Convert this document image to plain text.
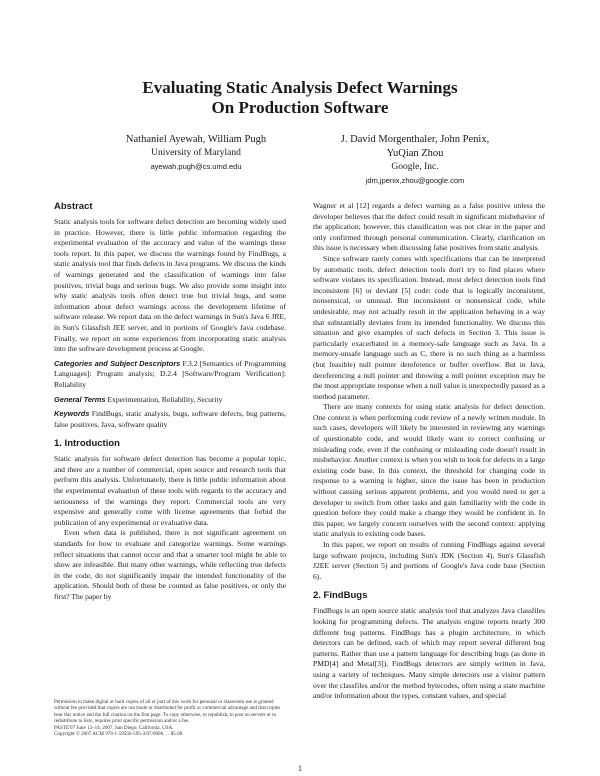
Evaluating Static Analysis Defect Warnings
On Production Software
Nathaniel Ayewah, William Pugh
University of Maryland
ayewah,pugh@cs.umd.edu
J. David Morgenthaler, John Penix,
YuQian Zhou
Google, Inc.
jdm,jpenix,zhou@google.com
Abstract

Static analysis tools for software defect detection are becoming widely used in practice. However, there is little public information regarding the experimental evaluation of the accuracy and value of the warnings these tools report. In this paper, we discuss the warnings found by FindBugs, a static analysis tool that finds defects in Java programs. We discuss the kinds of warnings generated and the classification of warnings into false positives, trivial bugs and serious bugs. We also provide some insight into why static analysis tools often detect true but trivial bugs, and some information about defect warnings across the development lifetime of software release. We report data on the defect warnings in Sun's Java 6 JRE, in Sun's Glassfish JEE server, and in portions of Google's Java codebase. Finally, we report on some experiences from incorporating static analysis into the software development process at Google.

Categories and Subject Descriptors F.3.2 [Semantics of Programming Languages]: Program analysis; D.2.4 [Software/Program Verification]: Reliability

General Terms Experimentation, Reliability, Security

Keywords FindBugs, static analysis, bugs, software defects, bug patterns, false positives, Java, software quality

1. Introduction

Static analysis for software defect detection has become a popular topic, and there are a number of commercial, open source and research tools that perform this analysis. Unfortunately, there is little public information about the experimental evaluation of these tools with regards to the accuracy and seriousness of the warnings they report. Commercial tools are very expensive and generally come with license agreements that forbid the publication of any experimental or evaluative data.

Even when data is published, there is not significant agreement on standards for how to evaluate and categorize warnings. Some warnings reflect situations that cannot occur and that a smarter tool might be able to show are infeasible. But many other warnings, while reflecting true defects in the code, do not significantly impair the intended functionality of the application. Should both of these be counted as false positives, or only the first? The paper by

Permission to make digital or hard copies of all or part of this work for personal or classroom use is granted without fee provided that copies are not made or distributed for profit or commercial advantage and that copies bear this notice and the full citation on the first page. To copy otherwise, to republish, to post on servers or to redistribute to lists, requires prior specific permission and/or a fee.
PASTE'07 June 13–14, 2007, San Diego, California, USA.
Copyright © 2007 ACM 978-1-59593-595-3/07/0006. . . $5.00.

Wagner et al [12] regards a defect warning as a false positive unless the developer believes that the defect could result in significant misbehavior of the application; however, this classification was not clear in the paper and only confirmed through personal communication. Clearly, clarification on this issue is necessary when discussing false positives from static analysis.

Since software rarely comes with specifications that can be interpreted by automatic tools, defect detection tools don't try to find places where software violates its specification. Instead, most defect detection tools find inconsistent [6] or deviant [5] code: code that is logically inconsistent, nonsensical, or unusual. But inconsistent or nonsensical code, while undesirable, may not actually result in the application behaving in a way that substantially deviates from its intended functionality. We discuss this situation and give examples of such defects in Section 3. This issue is particularly exacerbated in a memory-safe language such as Java. In a memory-unsafe language such as C, there is no such thing as a harmless (but feasible) null pointer dereference or buffer overflow. But in Java, dereferencing a null pointer and throwing a null pointer exception may be the most appropriate response when a null value is unexpectedly passed as a method parameter.

There are many contexts for using static analysis for defect detection. One context is when performing code review of a newly written module. In such cases, developers will likely be interested in reviewing any warnings of questionable code, and would likely want to correct confusing or misleading code, even if the confusing or misleading code doesn't result in misbehavior. Another context is when you wish to look for defects in a large existing code base. In this context, the threshold for changing code in response to a warning is higher, since the issue has been in production without causing serious apparent problems, and you would need to get a developer to switch from other tasks and gain familiarity with the code in question before they could make a change they would be confident in. In this paper, we largely concern ourselves with the second context: applying static analysis to existing code bases.

In this paper, we report on results of running FindBugs against several large software projects, including Sun's JDK (Section 4), Sun's Glassfish J2EE server (Section 5) and portions of Google's Java code base (Section 6).

2. FindBugs

FindBugs is an open source static analysis tool that analyzes Java classfiles looking for programming defects. The analysis engine reports nearly 300 different bug patterns. FindBugs has a plugin architecture, in which detectors can be defined, each of which may report several different bug patterns. Rather than use a pattern language for describing bugs (as done in PMD[4] and Metal[3]), FindBugs detectors are simply written in Java, using a variety of techniques. Many simple detectors use a visitor pattern over the classfiles and/or the method bytecodes, often using a state machine and/or information about the types, constant values, and special

1
